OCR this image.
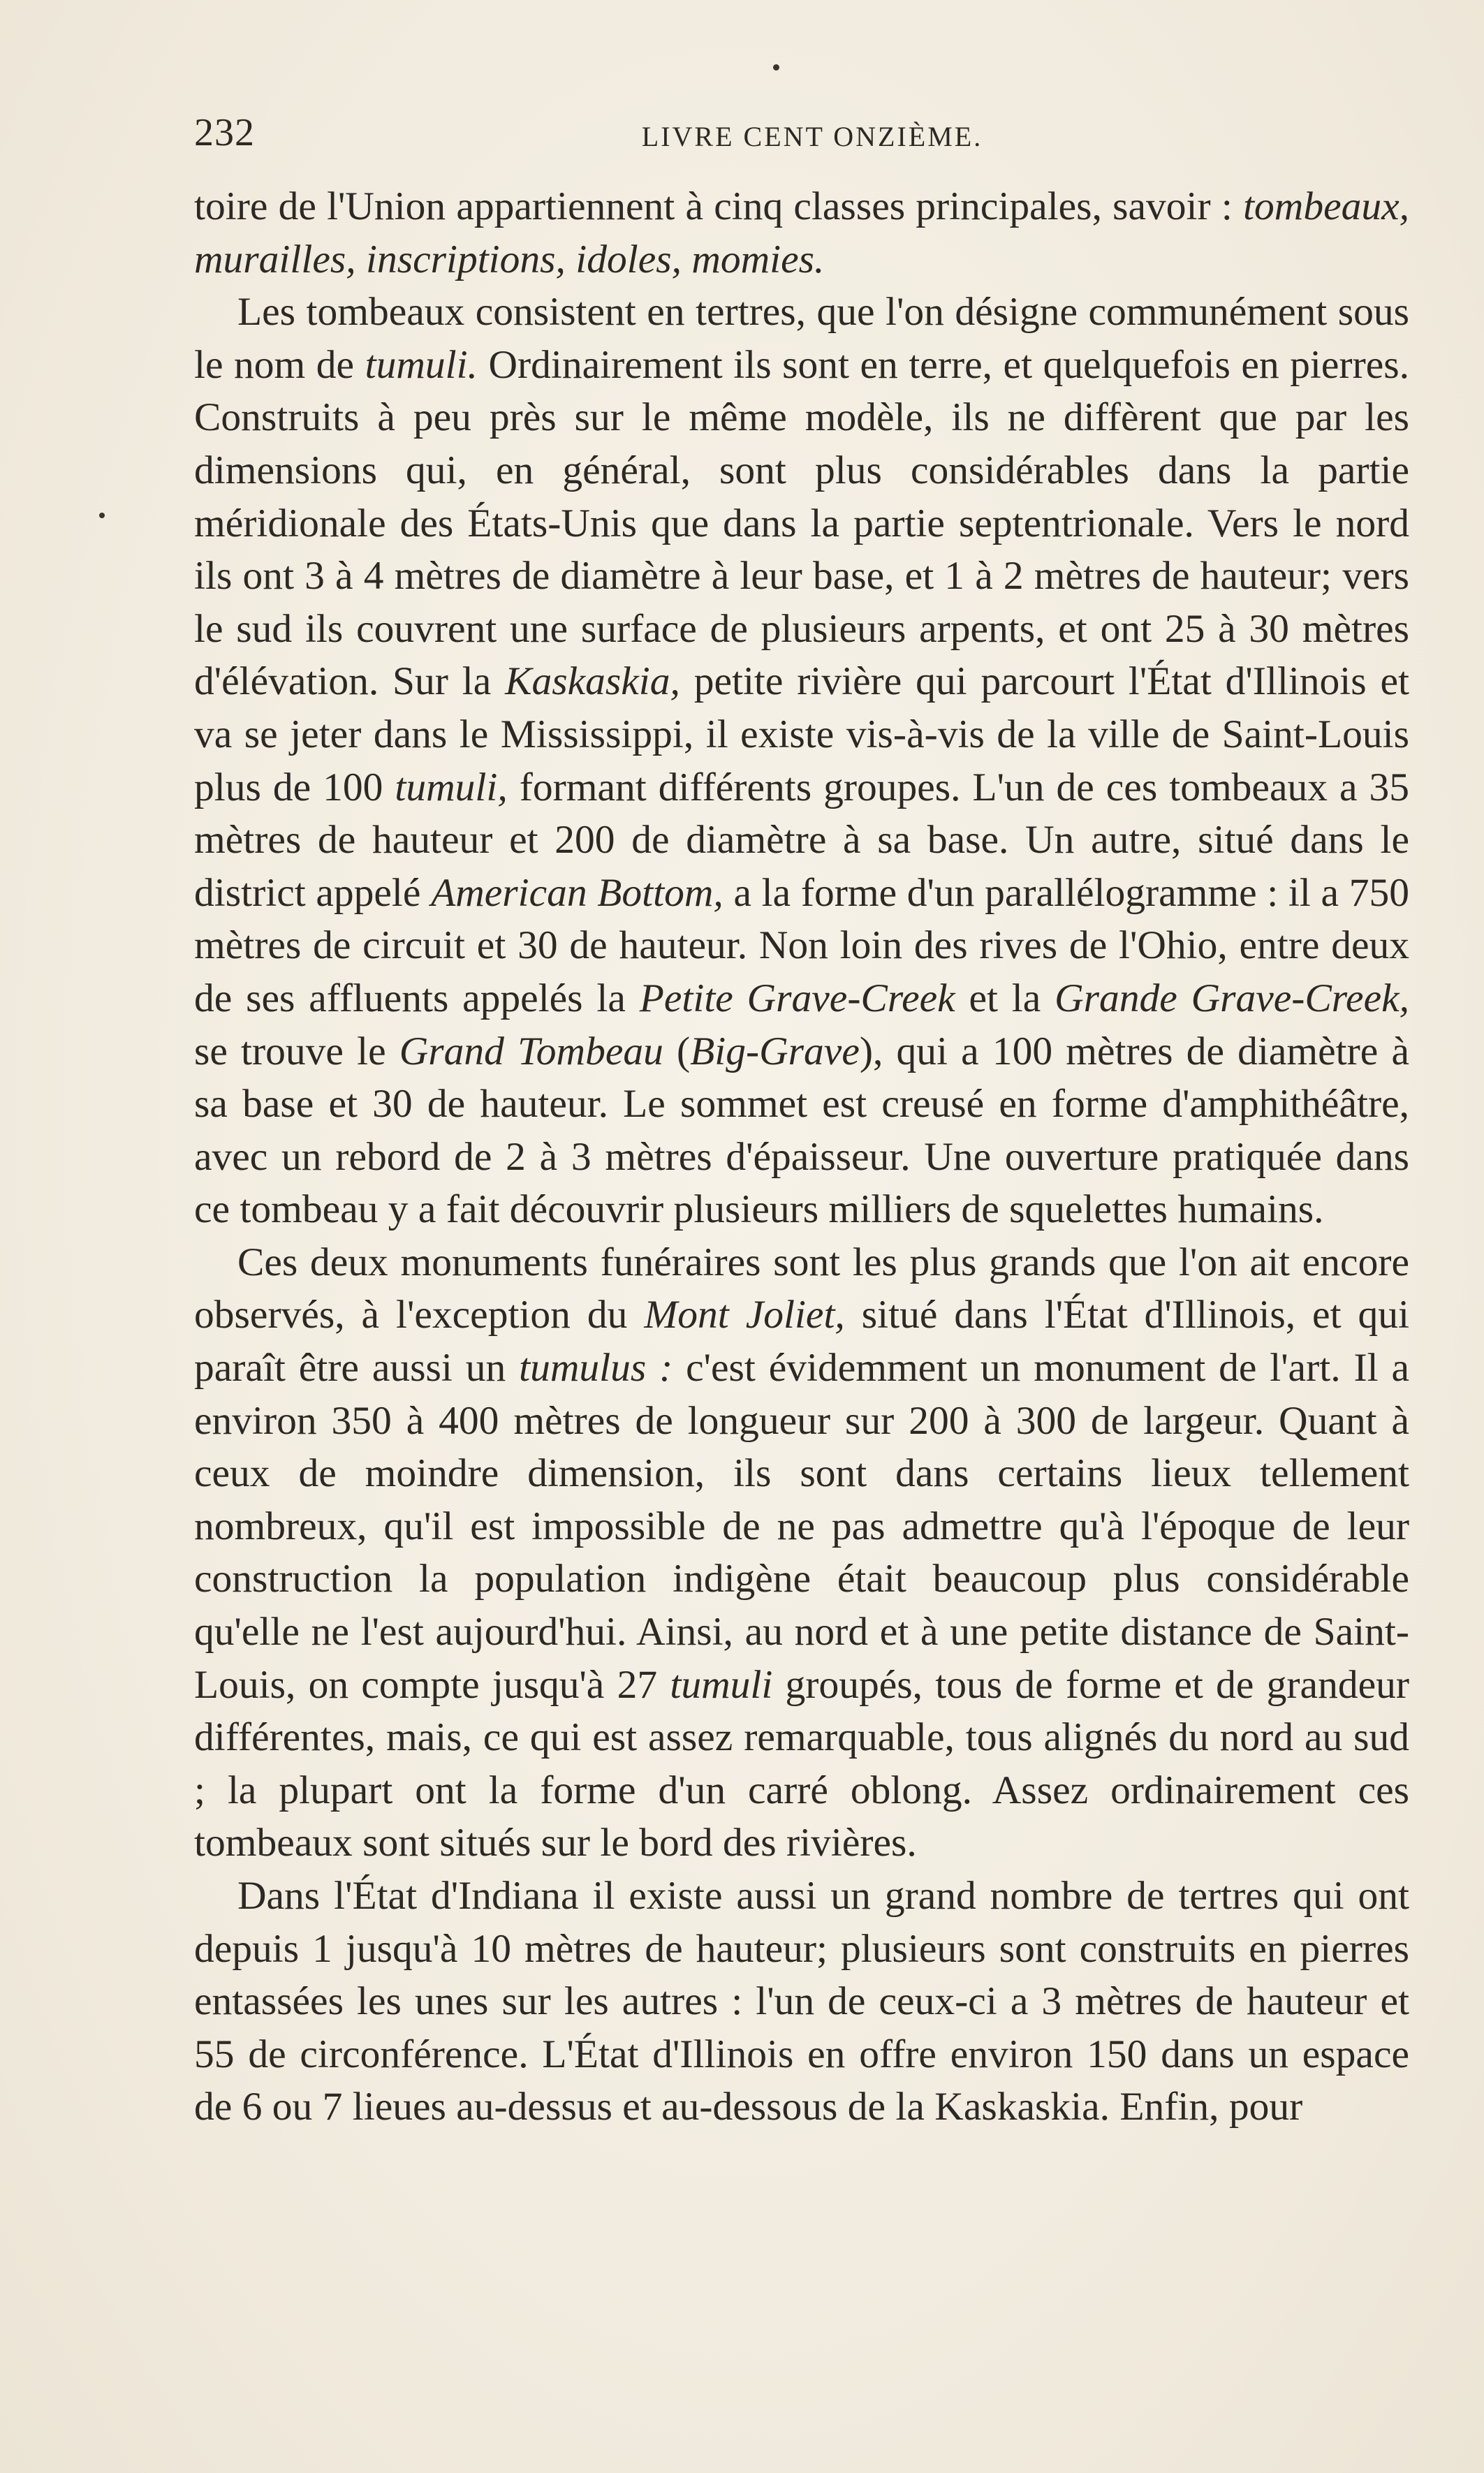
232	LIVRE CENT ONZIÈME.

toire de l'Union appartiennent à cinq classes principales, savoir : tombeaux, murailles, inscriptions, idoles, momies.

Les tombeaux consistent en tertres, que l'on désigne communément sous le nom de tumuli. Ordinairement ils sont en terre, et quelquefois en pierres. Construits à peu près sur le même modèle, ils ne diffèrent que par les dimensions qui, en général, sont plus considérables dans la partie méridionale des États-Unis que dans la partie septentrionale. Vers le nord ils ont 3 à 4 mètres de diamètre à leur base, et 1 à 2 mètres de hauteur; vers le sud ils couvrent une surface de plusieurs arpents, et ont 25 à 30 mètres d'élévation. Sur la Kaskaskia, petite rivière qui parcourt l'État d'Illinois et va se jeter dans le Mississippi, il existe vis-à-vis de la ville de Saint-Louis plus de 100 tumuli, formant différents groupes. L'un de ces tombeaux a 35 mètres de hauteur et 200 de diamètre à sa base. Un autre, situé dans le district appelé American Bottom, a la forme d'un parallélogramme : il a 750 mètres de circuit et 30 de hauteur. Non loin des rives de l'Ohio, entre deux de ses affluents appelés la Petite Grave-Creek et la Grande Grave-Creek, se trouve le Grand Tombeau (Big-Grave), qui a 100 mètres de diamètre à sa base et 30 de hauteur. Le sommet est creusé en forme d'amphithéâtre, avec un rebord de 2 à 3 mètres d'épaisseur. Une ouverture pratiquée dans ce tombeau y a fait découvrir plusieurs milliers de squelettes humains.

Ces deux monuments funéraires sont les plus grands que l'on ait encore observés, à l'exception du Mont Joliet, situé dans l'État d'Illinois, et qui paraît être aussi un tumulus : c'est évidemment un monument de l'art. Il a environ 350 à 400 mètres de longueur sur 200 à 300 de largeur. Quant à ceux de moindre dimension, ils sont dans certains lieux tellement nombreux, qu'il est impossible de ne pas admettre qu'à l'époque de leur construction la population indigène était beaucoup plus considérable qu'elle ne l'est aujourd'hui. Ainsi, au nord et à une petite distance de Saint-Louis, on compte jusqu'à 27 tumuli groupés, tous de forme et de grandeur différentes, mais, ce qui est assez remarquable, tous alignés du nord au sud ; la plupart ont la forme d'un carré oblong. Assez ordinairement ces tombeaux sont situés sur le bord des rivières.

Dans l'État d'Indiana il existe aussi un grand nombre de tertres qui ont depuis 1 jusqu'à 10 mètres de hauteur; plusieurs sont construits en pierres entassées les unes sur les autres : l'un de ceux-ci a 3 mètres de hauteur et 55 de circonférence. L'État d'Illinois en offre environ 150 dans un espace de 6 ou 7 lieues au-dessus et au-dessous de la Kaskaskia. Enfin, pour
